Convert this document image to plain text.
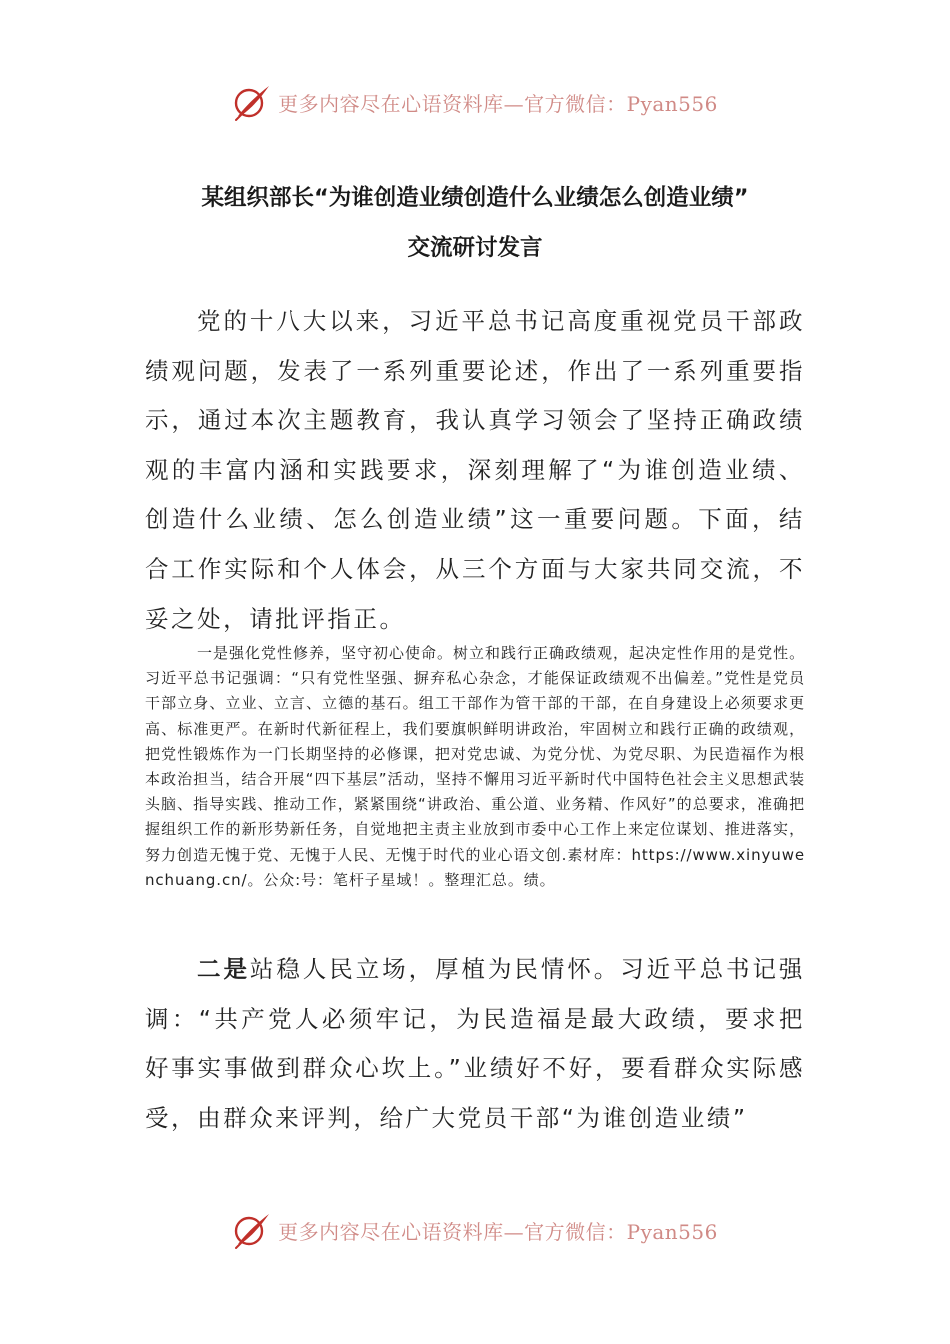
更多内容尽在心语资料库—官方微信：Pyan556
某组织部长“为谁创造业绩创造什么业绩怎么创造业绩”
交流研讨发言

党的十八大以来，习近平总书记高度重视党员干部政绩观问题，发表了一系列重要论述，作出了一系列重要指示，通过本次主题教育，我认真学习领会了坚持正确政绩观的丰富内涵和实践要求，深刻理解了“为谁创造业绩、创造什么业绩、怎么创造业绩”这一重要问题。下面，结合工作实际和个人体会，从三个方面与大家共同交流，不妥之处，请批评指正。

一是强化党性修养，坚守初心使命。树立和践行正确政绩观，起决定性作用的是党性。习近平总书记强调：“只有党性坚强、摒弃私心杂念，才能保证政绩观不出偏差。”党性是党员干部立身、立业、立言、立德的基石。组工干部作为管干部的干部，在自身建设上必须要求更高、标准更严。在新时代新征程上，我们要旗帜鲜明讲政治，牢固树立和践行正确的政绩观，把党性锻炼作为一门长期坚持的必修课，把对党忠诚、为党分忧、为党尽职、为民造福作为根本政治担当，结合开展“四下基层”活动，坚持不懈用习近平新时代中国特色社会主义思想武装头脑、指导实践、推动工作，紧紧围绕“讲政治、重公道、业务精、作风好”的总要求，准确把握组织工作的新形势新任务，自觉地把主责主业放到市委中心工作上来定位谋划、推进落实，努力创造无愧于党、无愧于人民、无愧于时代的业心语文创.素材库：https://www.xinyuwenchuang.cn/。公众:号：笔杆子星域！。整理汇总。绩。

二是站稳人民立场，厚植为民情怀。习近平总书记强调：“共产党人必须牢记，为民造福是最大政绩，要求把好事实事做到群众心坎上。”业绩好不好，要看群众实际感受，由群众来评判，给广大党员干部“为谁创造业绩”

更多内容尽在心语资料库—官方微信：Pyan556
